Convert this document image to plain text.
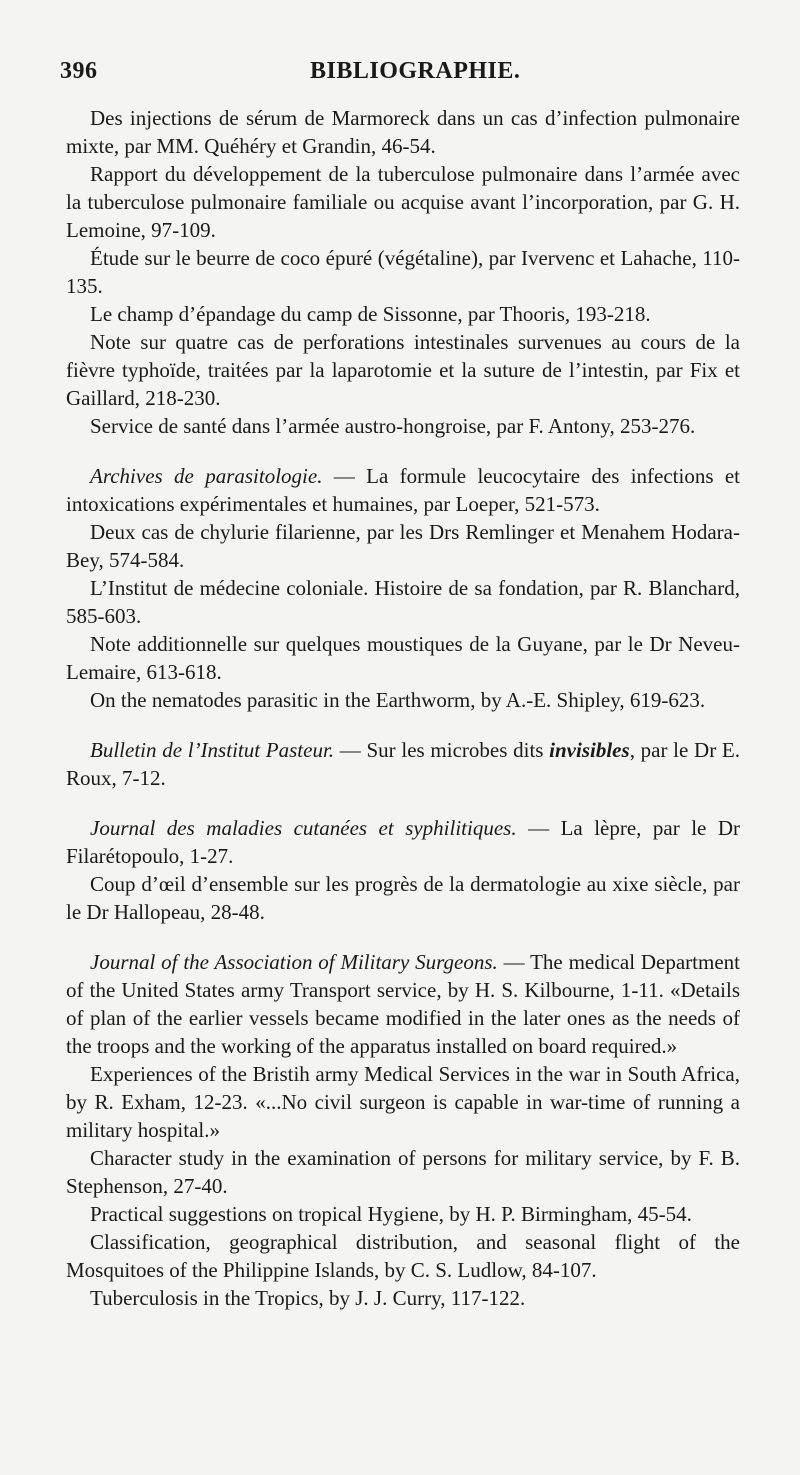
396	BIBLIOGRAPHIE.

Des injections de sérum de Marmoreck dans un cas d’infection pulmonaire mixte, par MM. Quéhéry et Grandin, 46-54.

Rapport du développement de la tuberculose pulmonaire dans l’armée avec la tuberculose pulmonaire familiale ou acquise avant l’incorporation, par G. H. Lemoine, 97-109.

Étude sur le beurre de coco épuré (végétaline), par Ivervenc et Lahache, 110-135.

Le champ d’épandage du camp de Sissonne, par Thooris, 193-218.

Note sur quatre cas de perforations intestinales survenues au cours de la fièvre typhoïde, traitées par la laparotomie et la suture de l’intestin, par Fix et Gaillard, 218-230.

Service de santé dans l’armée austro-hongroise, par F. Antony, 253-276.

Archives de parasitologie. — La formule leucocytaire des infections et intoxications expérimentales et humaines, par Loeper, 521-573.

Deux cas de chylurie filarienne, par les Drs Remlinger et Menahem Hodara-Bey, 574-584.

L’Institut de médecine coloniale. Histoire de sa fondation, par R. Blanchard, 585-603.

Note additionnelle sur quelques moustiques de la Guyane, par le Dr Neveu-Lemaire, 613-618.

On the nematodes parasitic in the Earthworm, by A.-E. Shipley, 619-623.

Bulletin de l’Institut Pasteur. — Sur les microbes dits invisibles, par le Dr E. Roux, 7-12.

Journal des maladies cutanées et syphilitiques. — La lèpre, par le Dr Filarétopoulo, 1-27.

Coup d’œil d’ensemble sur les progrès de la dermatologie au xixe siècle, par le Dr Hallopeau, 28-48.

Journal of the Association of Military Surgeons. — The medical Department of the United States army Transport service, by H. S. Kilbourne, 1-11. «Details of plan of the earlier vessels became modified in the later ones as the needs of the troops and the working of the apparatus installed on board required.»

Experiences of the Bristih army Medical Services in the war in South Africa, by R. Exham, 12-23. «...No civil surgeon is capable in war-time of running a military hospital.»

Character study in the examination of persons for military service, by F. B. Stephenson, 27-40.

Practical suggestions on tropical Hygiene, by H. P. Birmingham, 45-54.

Classification, geographical distribution, and seasonal flight of the Mosquitoes of the Philippine Islands, by C. S. Ludlow, 84-107.

Tuberculosis in the Tropics, by J. J. Curry, 117-122.
